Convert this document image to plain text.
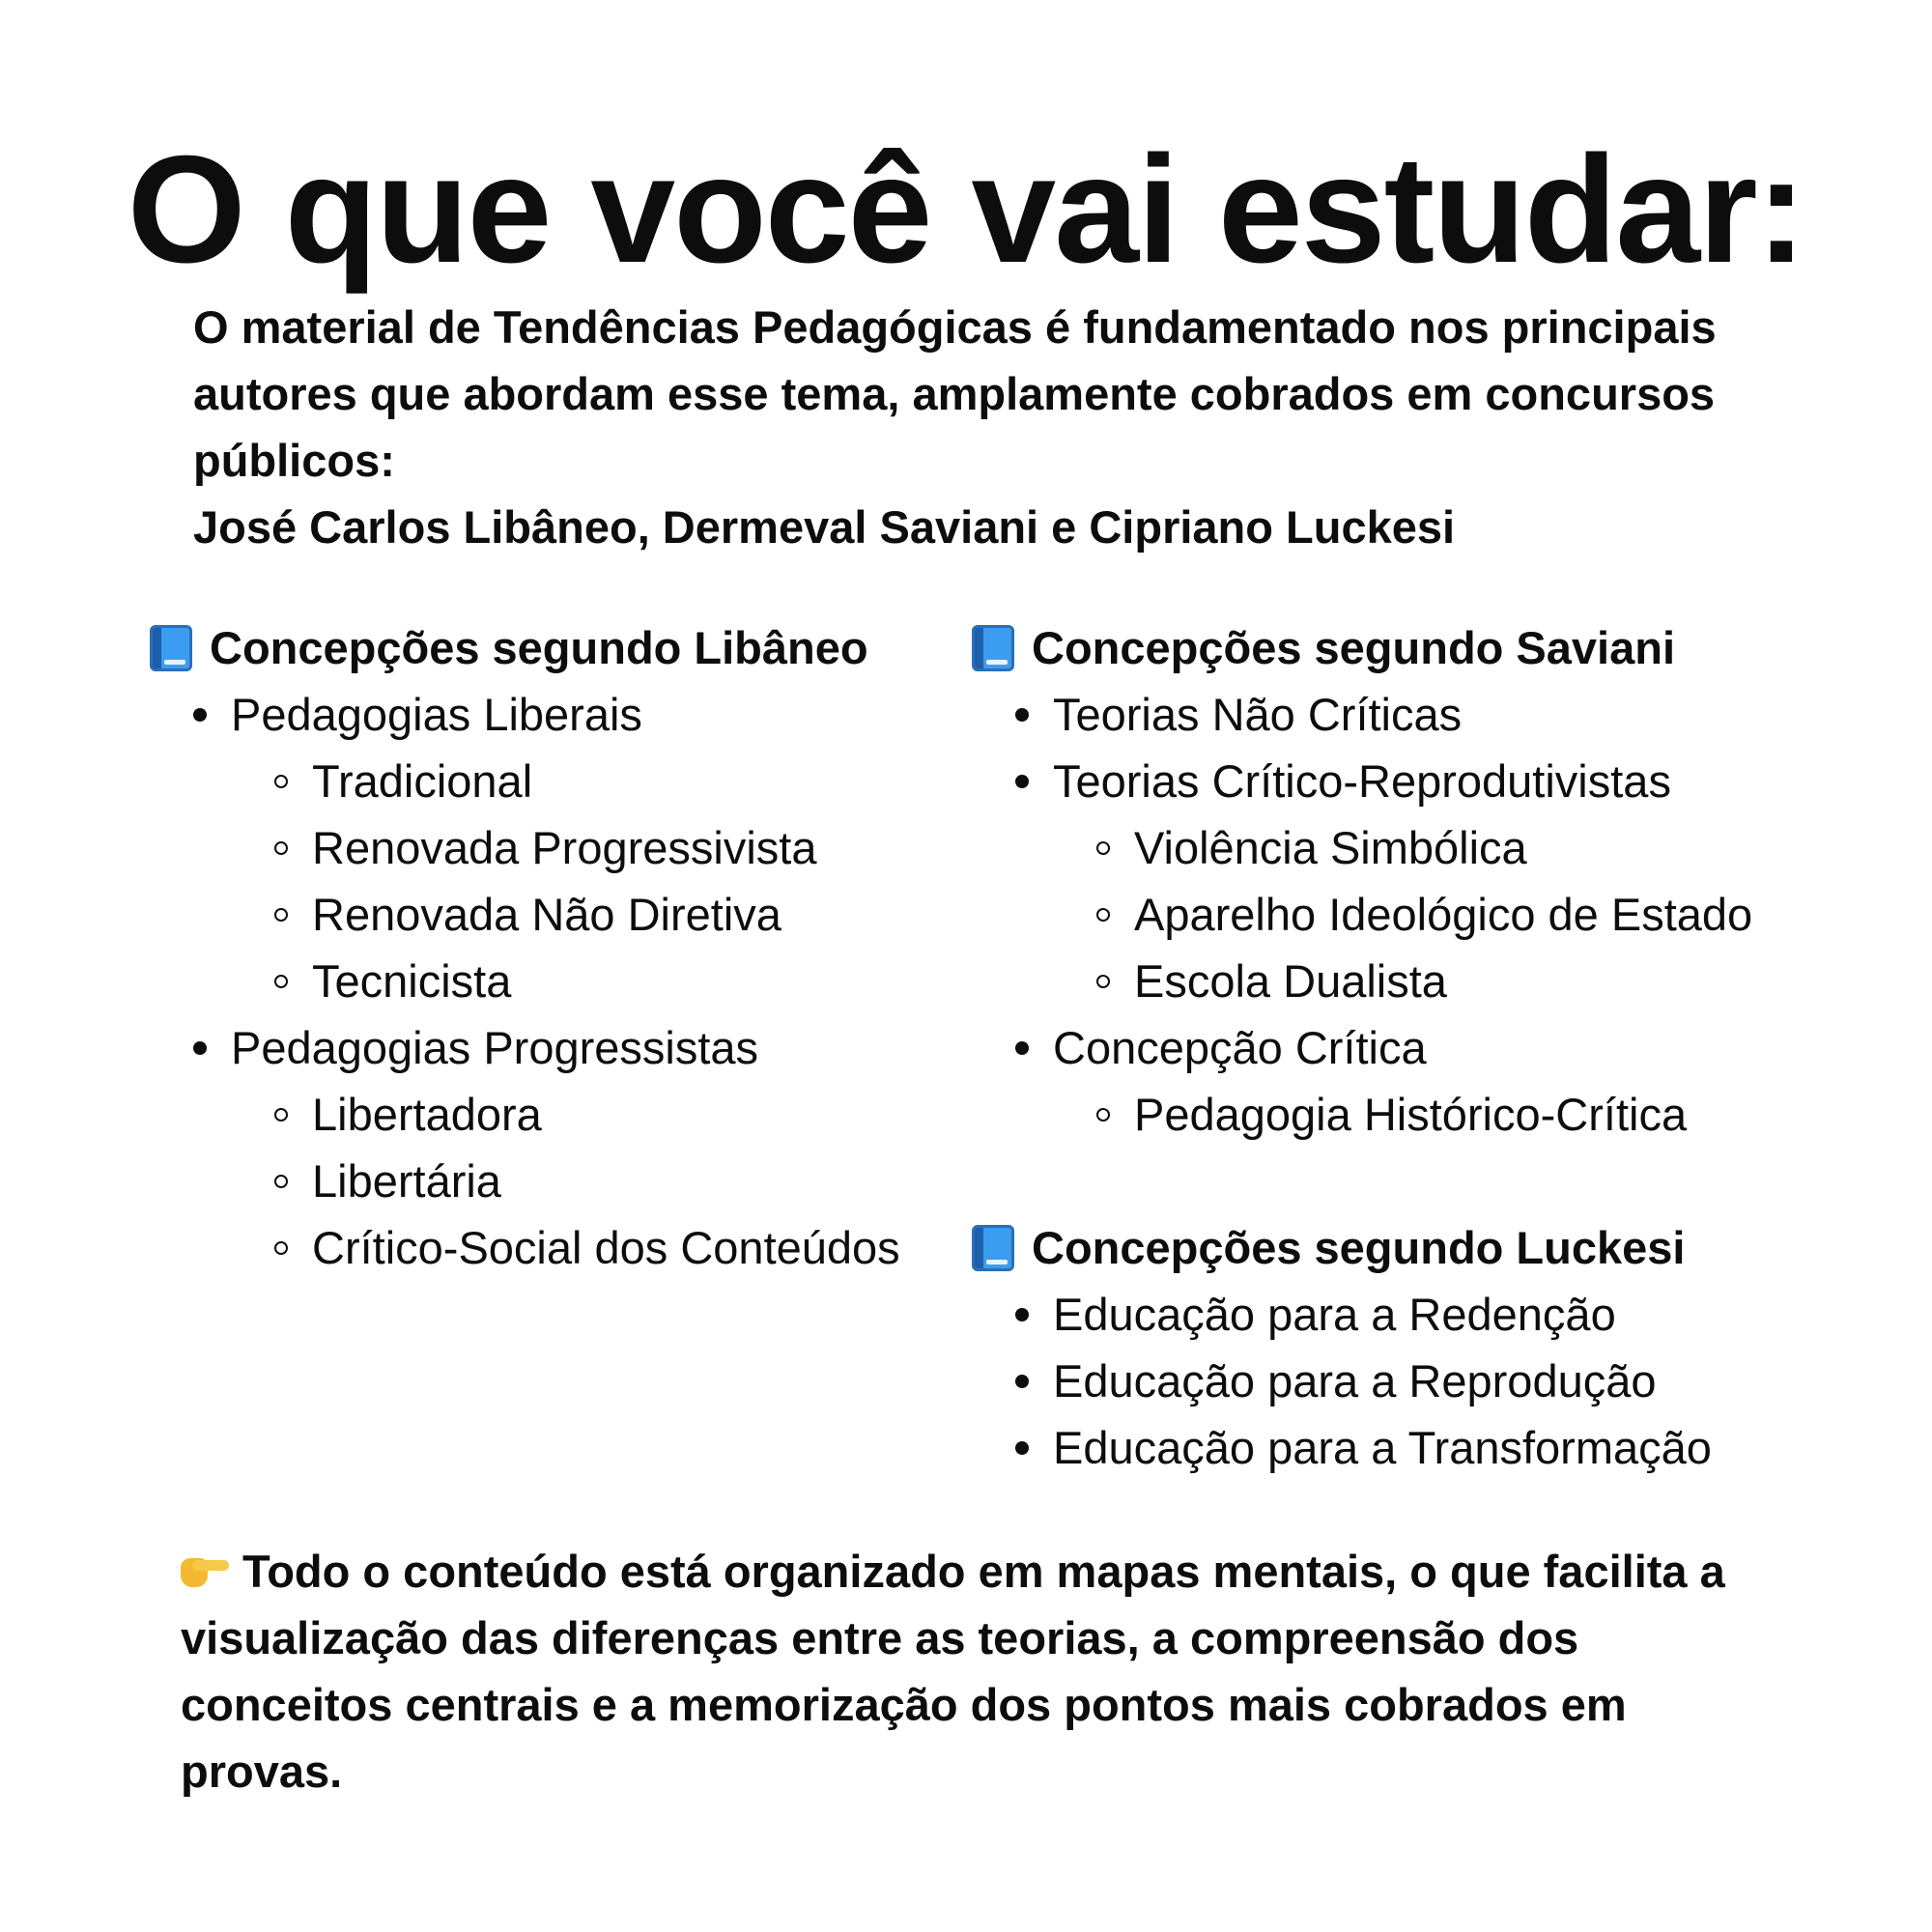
O que você vai estudar:

O material de Tendências Pedagógicas é fundamentado nos principais
autores que abordam esse tema, amplamente cobrados em concursos
públicos:
José Carlos Libâneo, Dermeval Saviani e Cipriano Luckesi

Concepções segundo Libâneo
Pedagogias Liberais
Tradicional
Renovada Progressivista
Renovada Não Diretiva
Tecnicista
Pedagogias Progressistas
Libertadora
Libertária
Crítico-Social dos Conteúdos
Concepções segundo Saviani
Teorias Não Críticas
Teorias Crítico-Reprodutivistas
Violência Simbólica
Aparelho Ideológico de Estado
Escola Dualista
Concepção Crítica
Pedagogia Histórico-Crítica
Concepções segundo Luckesi
Educação para a Redenção
Educação para a Reprodução
Educação para a Transformação

Todo o conteúdo está organizado em mapas mentais, o que facilita a
visualização das diferenças entre as teorias, a compreensão dos
conceitos centrais e a memorização dos pontos mais cobrados em
provas.
